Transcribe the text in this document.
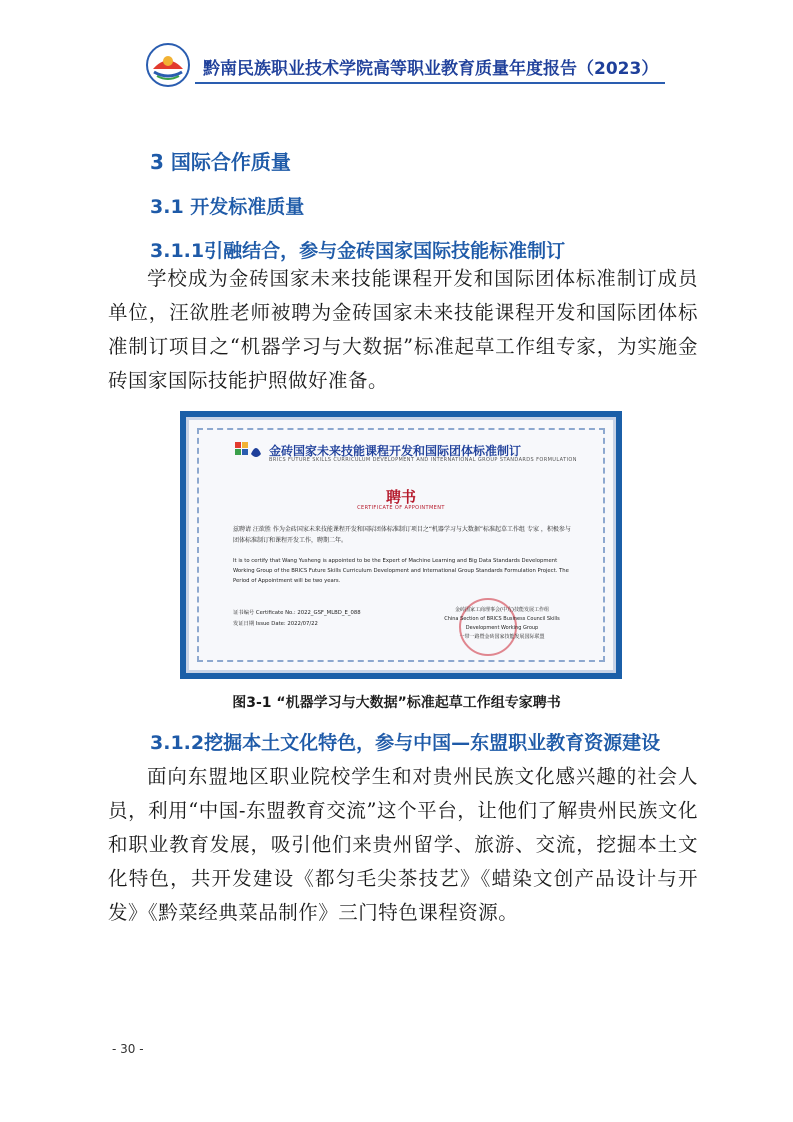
黔南民族职业技术学院高等职业教育质量年度报告（2023）
3 国际合作质量
3.1 开发标准质量
3.1.1引融结合，参与金砖国家国际技能标准制订
学校成为金砖国家未来技能课程开发和国际团体标准制订成员单位，汪欲胜老师被聘为金砖国家未来技能课程开发和国际团体标准制订项目之“机器学习与大数据”标准起草工作组专家，为实施金砖国家国际技能护照做好准备。
金砖国家未来技能课程开发和国际团体标准制订
BRICS FUTURE SKILLS CURRICULUM DEVELOPMENT AND INTERNATIONAL GROUP STANDARDS FORMULATION
聘书
CERTIFICATE OF APPOINTMENT
兹聘请 汪欲胜 作为金砖国家未来技能课程开发和国际团体标准制订项目之“机器学习与大数据”标准起草工作组 专家 ，积极参与团体标准制订和课程开发工作，聘期二年。
It is to certify that Wang Yusheng is appointed to be the Expert of Machine Learning and Big Data Standards Development Working Group of the BRICS Future Skills Curriculum Development and International Group Standards Formulation Project. The Period of Appointment will be two years.
证书编号 Certificate No.: 2022_GSF_MLBD_E_088
发证日期 Issue Date: 2022/07/22
金砖国家工商理事会(中方)技能发展工作组
China Section of BRICS Business Council Skills Development Working Group
一带一路暨金砖国家技能发展国际联盟
图3-1 “机器学习与大数据”标准起草工作组专家聘书
3.1.2挖掘本土文化特色，参与中国—东盟职业教育资源建设
面向东盟地区职业院校学生和对贵州民族文化感兴趣的社会人员，利用“中国-东盟教育交流”这个平台，让他们了解贵州民族文化和职业教育发展，吸引他们来贵州留学、旅游、交流，挖掘本土文化特色，共开发建设《都匀毛尖茶技艺》《蜡染文创产品设计与开发》《黔菜经典菜品制作》三门特色课程资源。
- 30 -
